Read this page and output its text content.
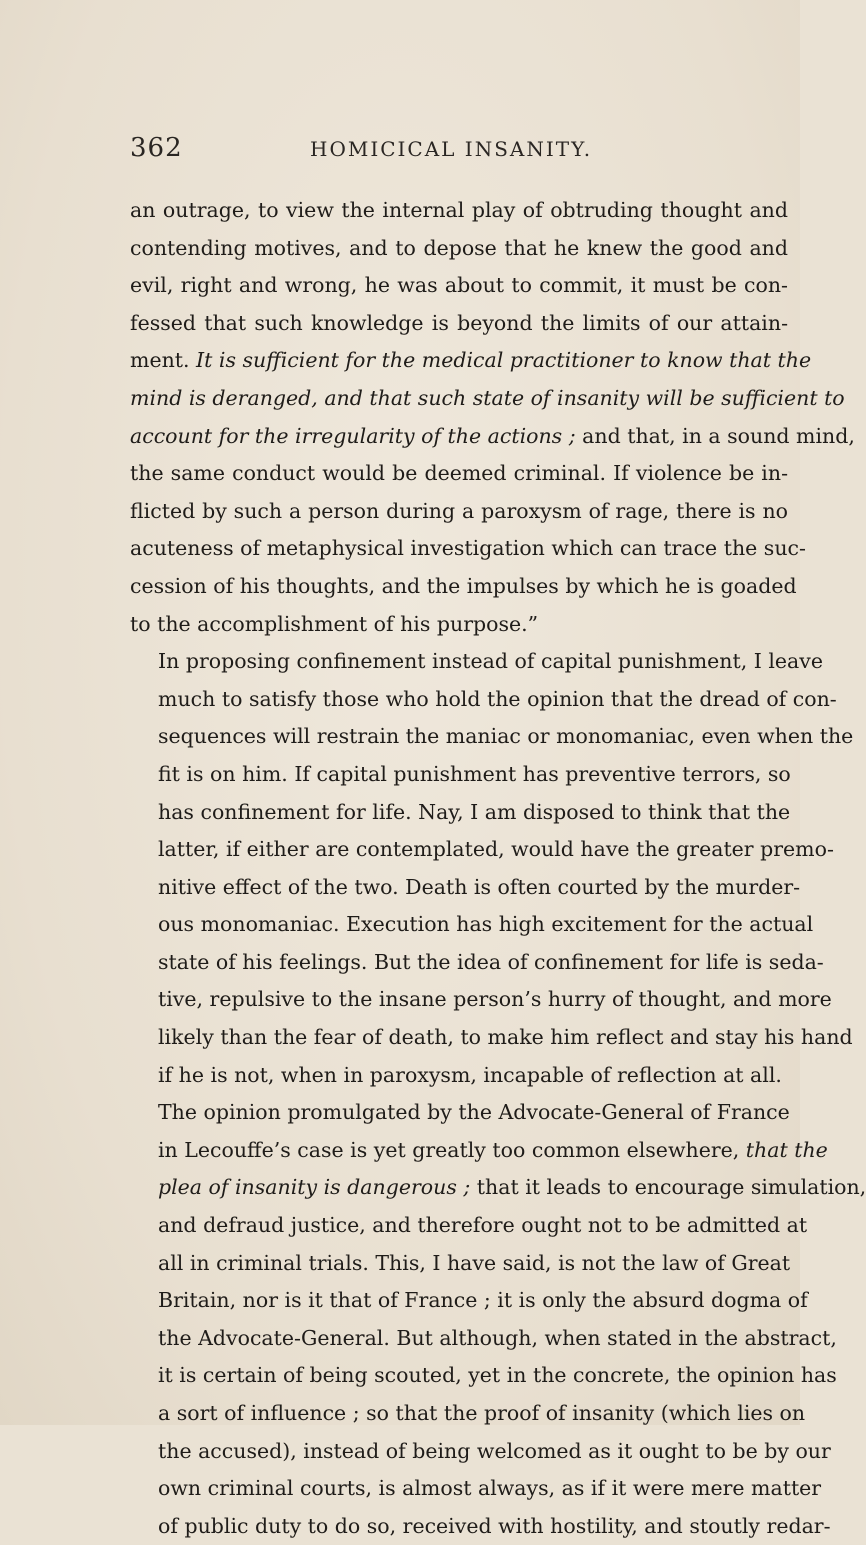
362	HOMICICAL INSANITY.

an outrage, to view the internal play of obtruding thought and
contending motives, and to depose that he knew the good and
evil, right and wrong, he was about to commit, it must be con-
fessed that such knowledge is beyond the limits of our attain-
ment. It is sufficient for the medical practitioner to know that the
mind is deranged, and that such state of insanity will be sufficient to
account for the irregularity of the actions ; and that, in a sound mind,
the same conduct would be deemed criminal. If violence be in-
flicted by such a person during a paroxysm of rage, there is no
acuteness of metaphysical investigation which can trace the suc-
cession of his thoughts, and the impulses by which he is goaded
to the accomplishment of his purpose.”

In proposing confinement instead of capital punishment, I leave
much to satisfy those who hold the opinion that the dread of con-
sequences will restrain the maniac or monomaniac, even when the
fit is on him. If capital punishment has preventive terrors, so
has confinement for life. Nay, I am disposed to think that the
latter, if either are contemplated, would have the greater premo-
nitive effect of the two. Death is often courted by the murder-
ous monomaniac. Execution has high excitement for the actual
state of his feelings. But the idea of confinement for life is seda-
tive, repulsive to the insane person’s hurry of thought, and more
likely than the fear of death, to make him reflect and stay his hand
if he is not, when in paroxysm, incapable of reflection at all.

The opinion promulgated by the Advocate-General of France
in Lecouffe’s case is yet greatly too common elsewhere, that the
plea of insanity is dangerous ; that it leads to encourage simulation,
and defraud justice, and therefore ought not to be admitted at
all in criminal trials. This, I have said, is not the law of Great
Britain, nor is it that of France ; it is only the absurd dogma of
the Advocate-General. But although, when stated in the abstract,
it is certain of being scouted, yet in the concrete, the opinion has
a sort of influence ; so that the proof of insanity (which lies on
the accused), instead of being welcomed as it ought to be by our
own criminal courts, is almost always, as if it were mere matter
of public duty to do so, received with hostility, and stoutly redar-
